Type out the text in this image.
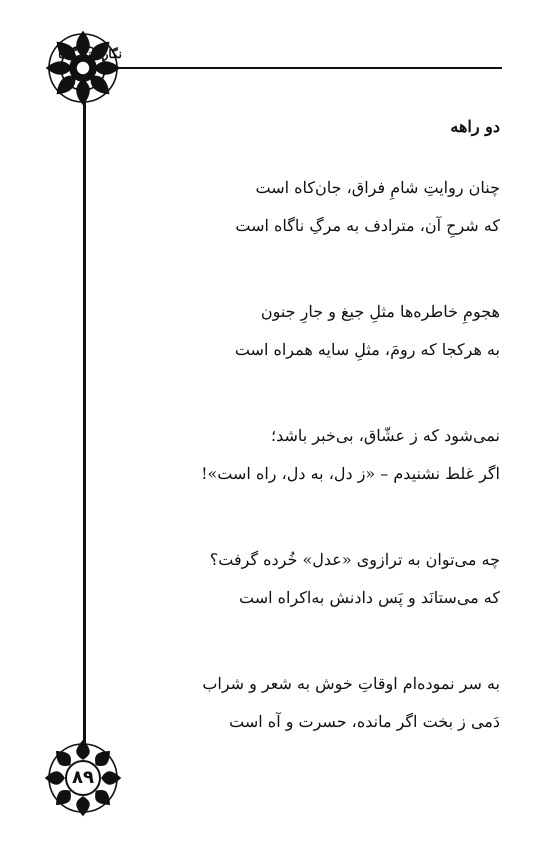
نگارخانه گنگا
دو راهه
چنان روایتِ شامِ فراق، جان‌کاه است
که شرحِ آن، مترادف به مرگِ ناگاه است
هجومِ خاطره‌ها مثلِ جیغ و جارِ جنون
به هرکجا که رومَ، مثلِ سایه همراه است
نمی‌شود که ز عشّاق، بی‌خبر باشد؛
اگر غلط نشنیدم – «ز دل، به دل، راه است»!
چه می‌توان به ترازوی «عدل» خُرده گرفت؟
که می‌ستانَد و پَس دادنش به‌اکراه است
به سر نموده‌ام اوقاتِ خوش به شعر و شراب
دَمی ز بخت اگر مانده، حسرت و آه است
۸۹
